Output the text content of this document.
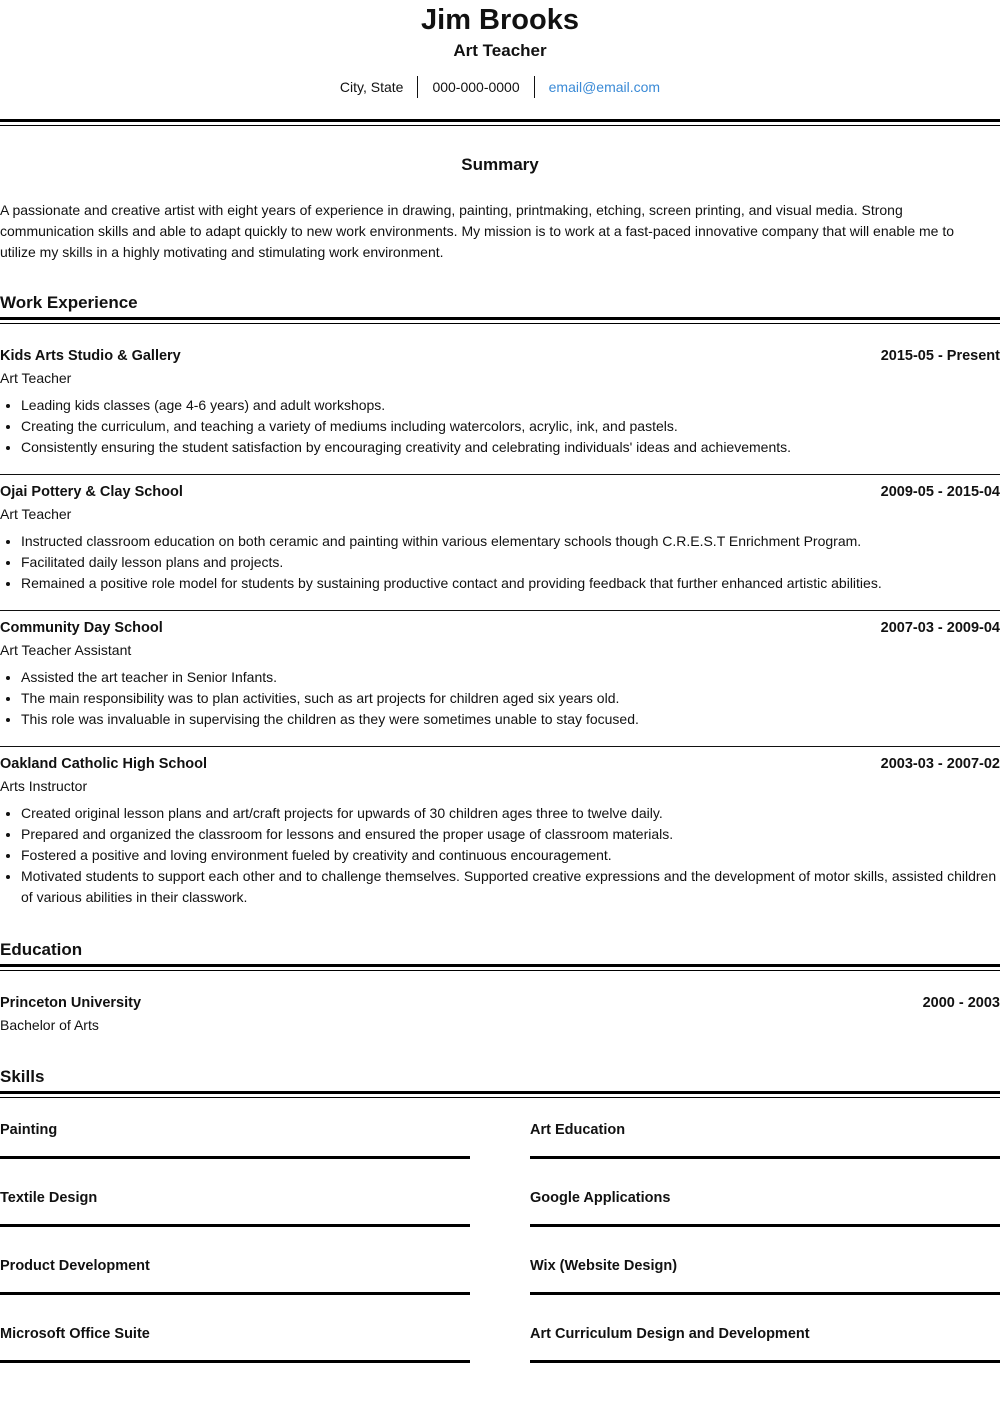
Jim Brooks
Art Teacher
City, State	000-000-0000	email@email.com
Summary
A passionate and creative artist with eight years of experience in drawing, painting, printmaking, etching, screen printing, and visual media. Strong communication skills and able to adapt quickly to new work environments. My mission is to work at a fast-paced innovative company that will enable me to utilize my skills in a highly motivating and stimulating work environment.
Work Experience
Kids Arts Studio & Gallery	2015-05 - Present
Art Teacher
• Leading kids classes (age 4-6 years) and adult workshops.
• Creating the curriculum, and teaching a variety of mediums including watercolors, acrylic, ink, and pastels.
• Consistently ensuring the student satisfaction by encouraging creativity and celebrating individuals' ideas and achievements.
Ojai Pottery & Clay School	2009-05 - 2015-04
Art Teacher
• Instructed classroom education on both ceramic and painting within various elementary schools though C.R.E.S.T Enrichment Program.
• Facilitated daily lesson plans and projects.
• Remained a positive role model for students by sustaining productive contact and providing feedback that further enhanced artistic abilities.
Community Day School	2007-03 - 2009-04
Art Teacher Assistant
• Assisted the art teacher in Senior Infants.
• The main responsibility was to plan activities, such as art projects for children aged six years old.
• This role was invaluable in supervising the children as they were sometimes unable to stay focused.
Oakland Catholic High School	2003-03 - 2007-02
Arts Instructor
• Created original lesson plans and art/craft projects for upwards of 30 children ages three to twelve daily.
• Prepared and organized the classroom for lessons and ensured the proper usage of classroom materials.
• Fostered a positive and loving environment fueled by creativity and continuous encouragement.
• Motivated students to support each other and to challenge themselves. Supported creative expressions and the development of motor skills, assisted children of various abilities in their classwork.
Education
Princeton University	2000 - 2003
Bachelor of Arts
Skills
Painting	Art Education
Textile Design	Google Applications
Product Development	Wix (Website Design)
Microsoft Office Suite	Art Curriculum Design and Development
